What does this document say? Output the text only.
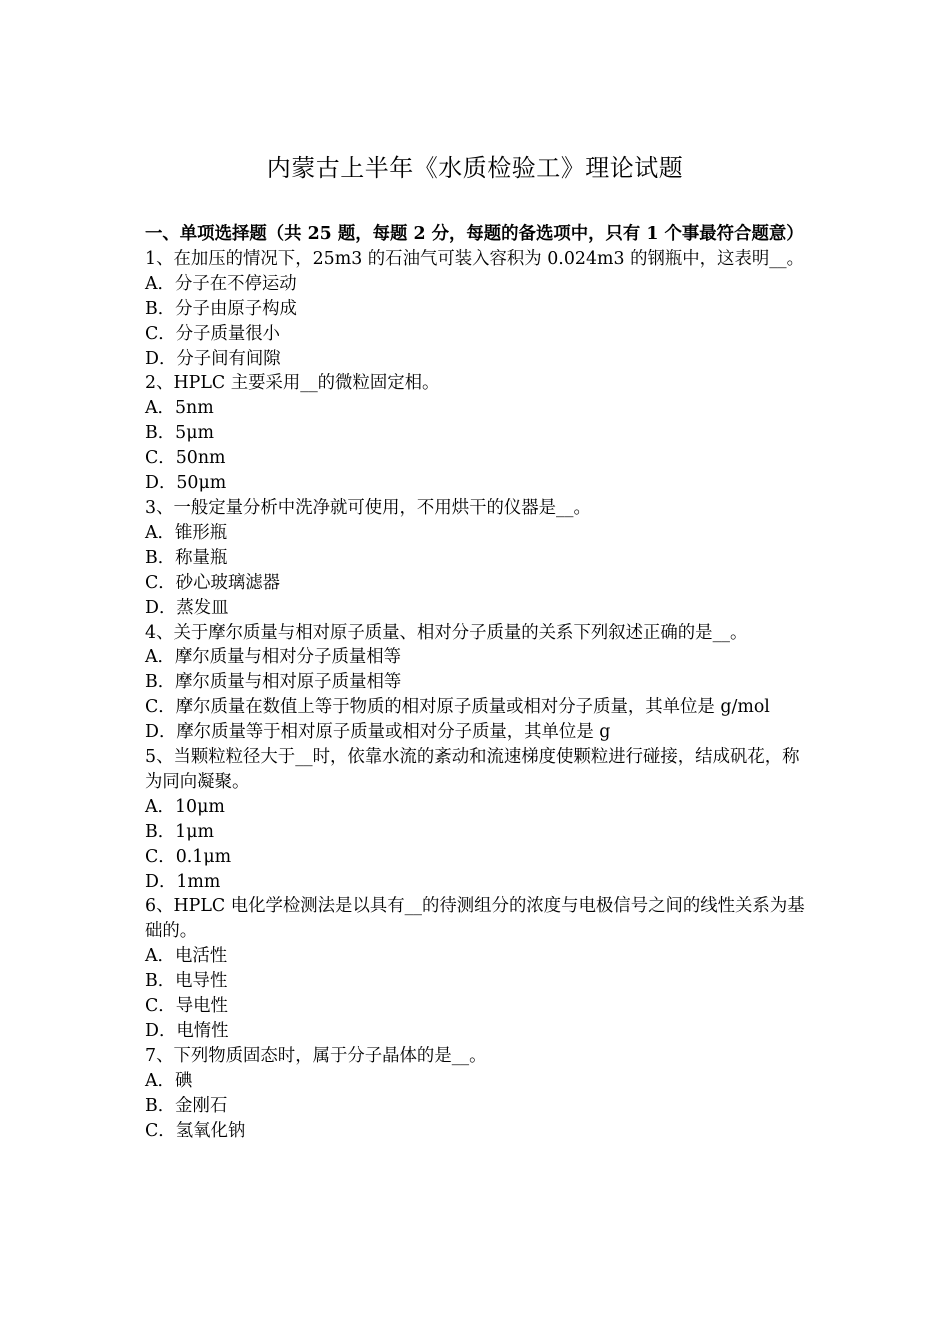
内蒙古上半年《水质检验工》理论试题

一、单项选择题（共 25 题，每题 2 分，每题的备选项中，只有 1 个事最符合题意）

1、在加压的情况下，25m3 的石油气可装入容积为 0.024m3 的钢瓶中，这表明__。

A．分子在不停运动

B．分子由原子构成

C．分子质量很小

D．分子间有间隙

2、HPLC 主要采用__的微粒固定相。

A．5nm

B．5μm

C．50nm

D．50μm

3、一般定量分析中洗净就可使用，不用烘干的仪器是__。

A．锥形瓶

B．称量瓶

C．砂心玻璃滤器

D．蒸发皿

4、关于摩尔质量与相对原子质量、相对分子质量的关系下列叙述正确的是__。

A．摩尔质量与相对分子质量相等

B．摩尔质量与相对原子质量相等

C．摩尔质量在数值上等于物质的相对原子质量或相对分子质量，其单位是 g/mol

D．摩尔质量等于相对原子质量或相对分子质量，其单位是 g

5、当颗粒粒径大于__时，依靠水流的紊动和流速梯度使颗粒进行碰接，结成矾花，称为同向凝聚。

A．10μm

B．1μm

C．0.1μm

D．1mm

6、HPLC 电化学检测法是以具有__的待测组分的浓度与电极信号之间的线性关系为基础的。

A．电活性

B．电导性

C．导电性

D．电惰性

7、下列物质固态时，属于分子晶体的是__。

A．碘

B．金刚石

C．氢氧化钠
